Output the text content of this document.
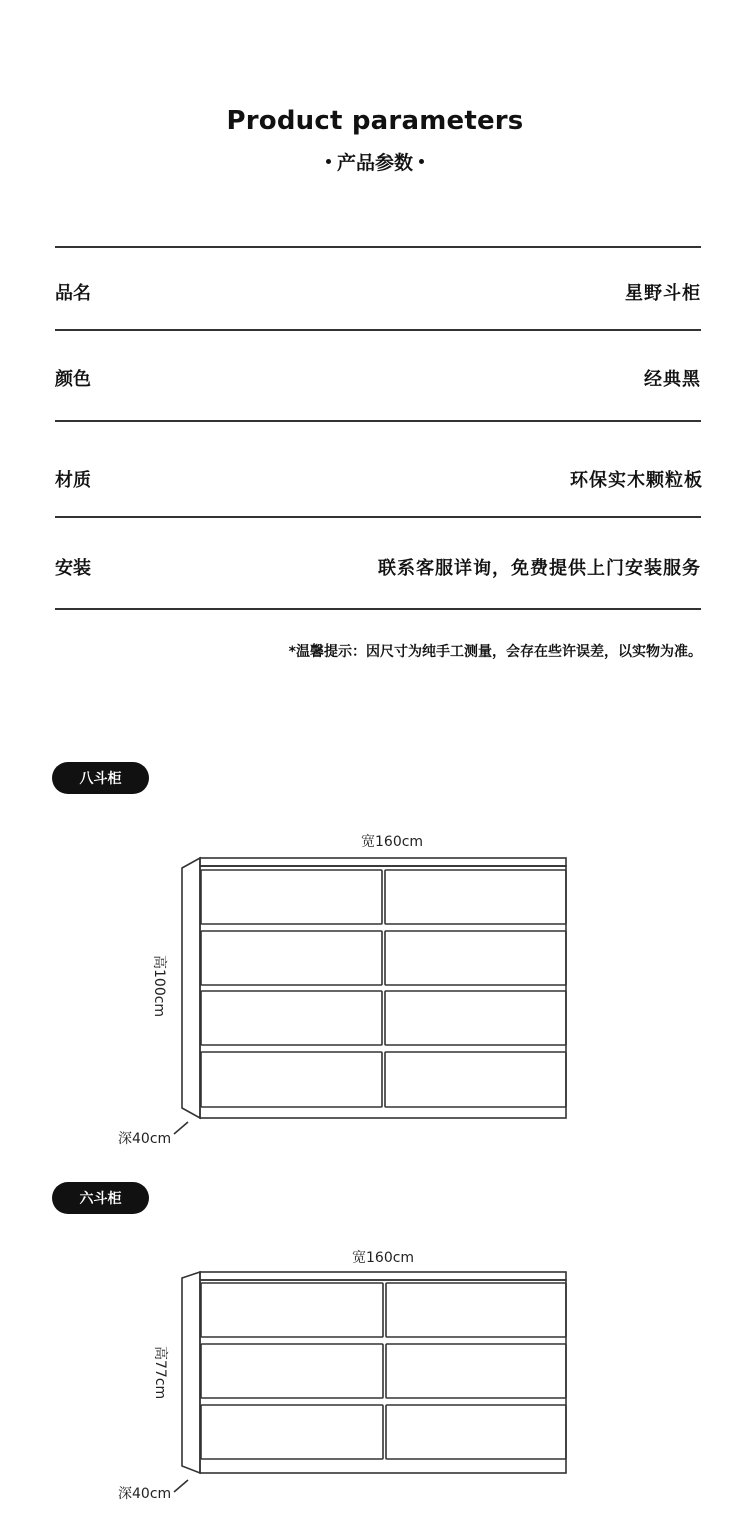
Product parameters
产品参数
品名	星野斗柜
颜色	经典黑
材质	环保实木颗粒板
安装	联系客服详询，免费提供上门安装服务
*温馨提示：因尺寸为纯手工测量，会存在些许误差，以实物为准。
八斗柜
宽160cm
高100cm
深40cm
六斗柜
宽160cm
高77cm
深40cm
